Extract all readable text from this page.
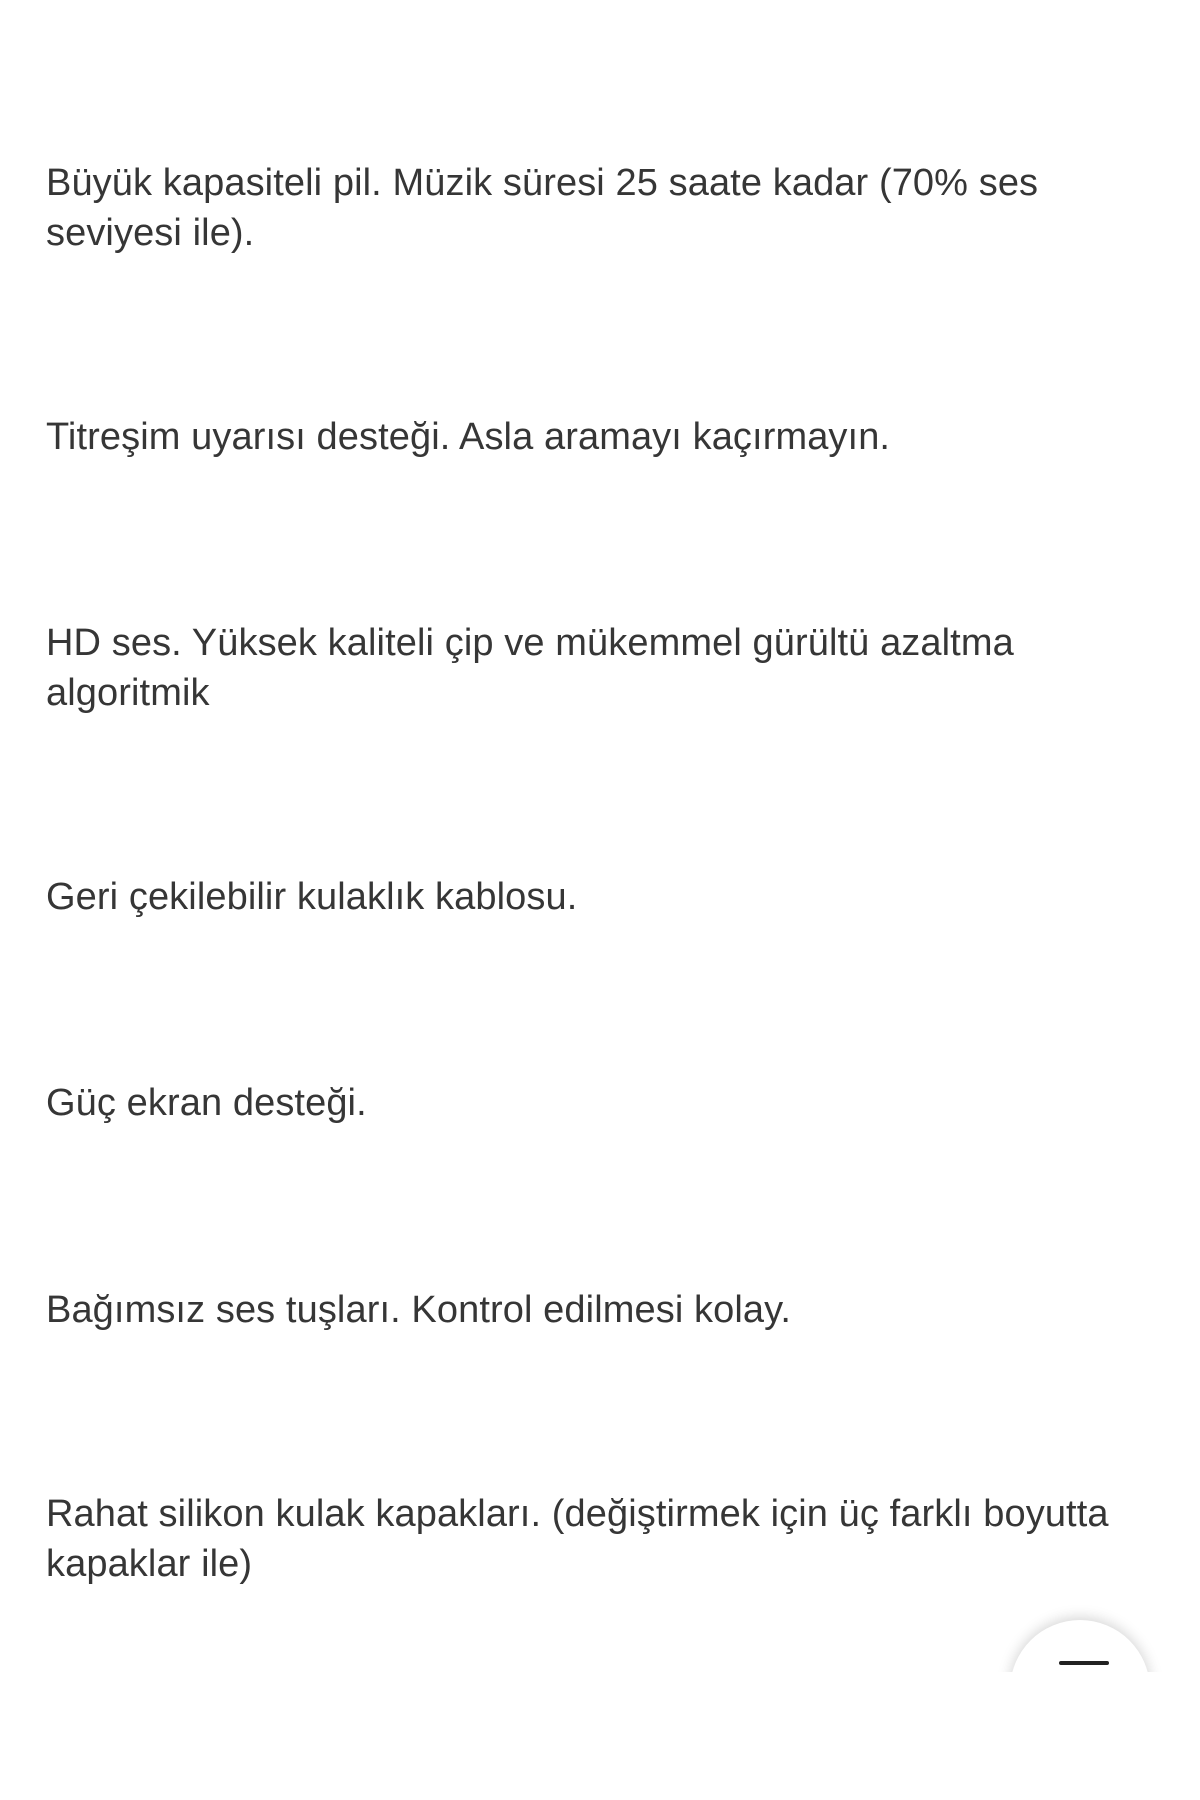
Büyük kapasiteli pil. Müzik süresi 25 saate kadar (70% ses seviyesi ile).

Titreşim uyarısı desteği. Asla aramayı kaçırmayın.

HD ses. Yüksek kaliteli çip ve mükemmel gürültü azaltma algoritmik

Geri çekilebilir kulaklık kablosu.

Güç ekran desteği.

Bağımsız ses tuşları. Kontrol edilmesi kolay.

Rahat silikon kulak kapakları. (değiştirmek için üç farklı boyutta kapaklar ile)
